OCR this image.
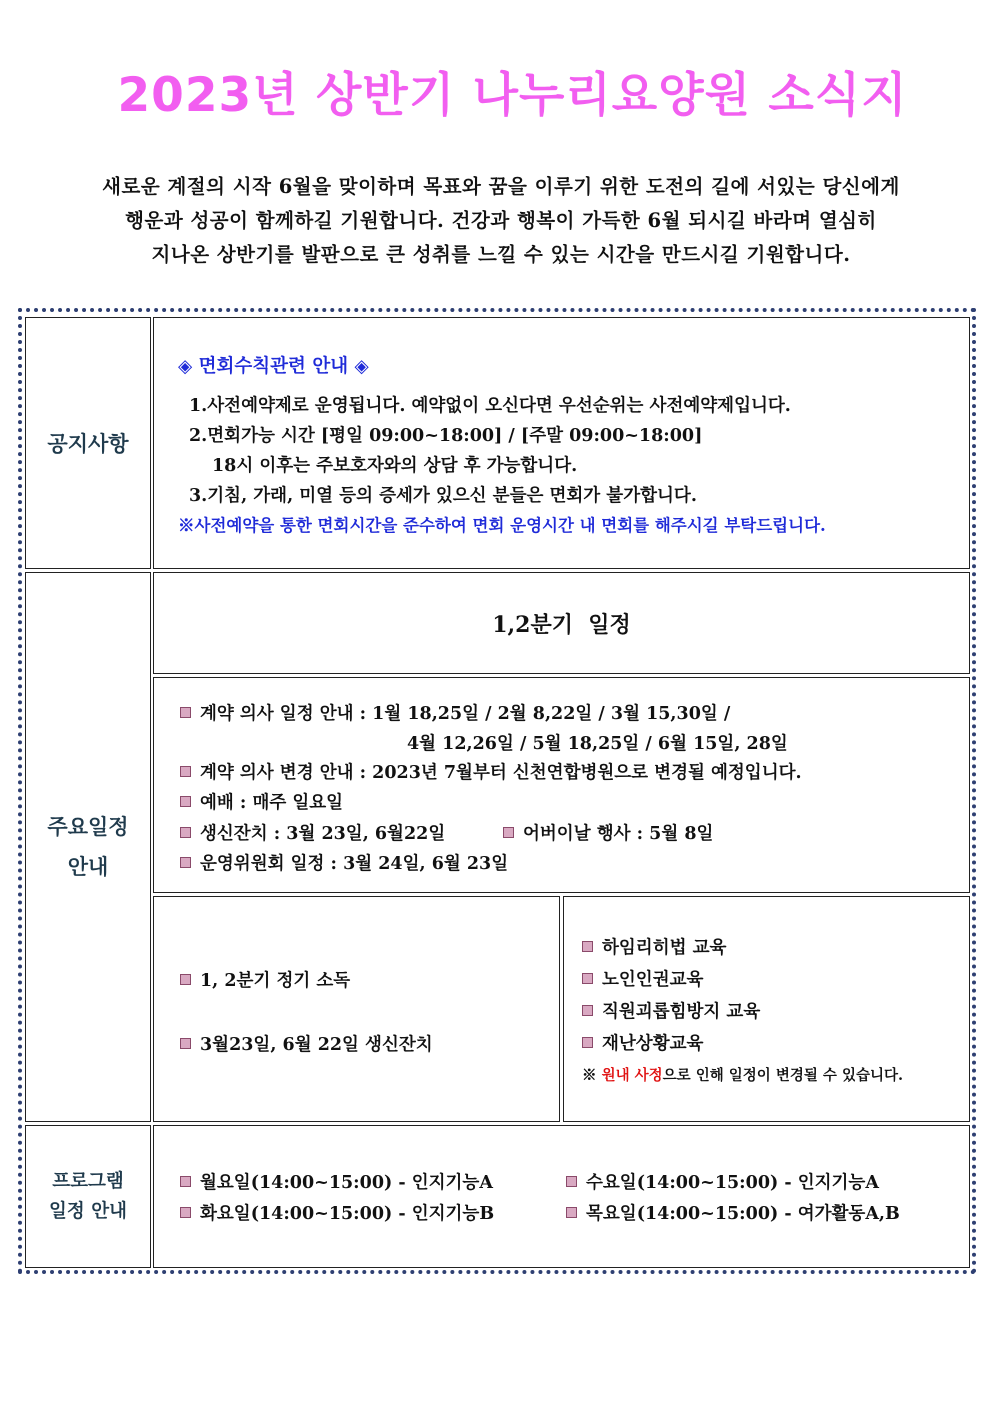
2023년 상반기 나누리요양원 소식지
새로운 계절의 시작 6월을 맞이하며 목표와 꿈을 이루기 위한 도전의 길에 서있는 당신에게
행운과 성공이 함께하길 기원합니다. 건강과 행복이 가득한 6월 되시길 바라며 열심히
지나온 상반기를 발판으로 큰 성취를 느낄 수 있는 시간을 만드시길 기원합니다.
공지사항
◈ 면회수칙관련 안내 ◈
1.사전예약제로 운영됩니다. 예약없이 오신다면 우선순위는 사전예약제입니다.
2.면회가능 시간 [평일 09:00~18:00] / [주말 09:00~18:00]
18시 이후는 주보호자와의 상담 후 가능합니다.
3.기침, 가래, 미열 등의 증세가 있으신 분들은 면회가 불가합니다.
※사전예약을 통한 면회시간을 준수하여 면회 운영시간 내 면회를 해주시길 부탁드립니다.
주요일정
안내
1,2분기  일정
계약 의사 일정 안내 : 1월 18,25일 / 2월 8,22일 / 3월 15,30일 /
4월 12,26일 / 5월 18,25일 / 6월 15일, 28일
계약 의사 변경 안내 : 2023년 7월부터 신천연합병원으로 변경될 예정입니다.
예배 : 매주 일요일
생신잔치 : 3월 23일, 6월22일	어버이날 행사 : 5월 8일
운영위원회 일정 : 3월 24일, 6월 23일
1, 2분기 정기 소독
3월23일, 6월 22일 생신잔치
하임리히법 교육
노인인권교육
직원괴롭힘방지 교육
재난상황교육
※ 원내 사정으로 인해 일정이 변경될 수 있습니다.
프로그램
일정 안내
월요일(14:00~15:00) - 인지기능A	수요일(14:00~15:00) - 인지기능A
화요일(14:00~15:00) - 인지기능B	목요일(14:00~15:00) - 여가활동A,B
